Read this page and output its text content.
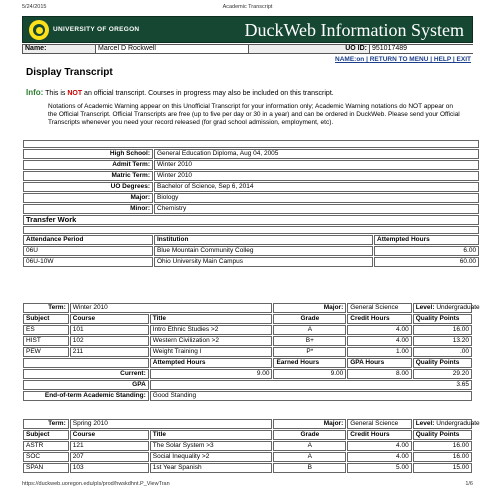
5/24/2015	Academic Transcript
UNIVERSITY OF OREGON	DuckWeb Information System
Name:	Marcel D Rockwell	UO ID: 951017489
NAME:on | RETURN TO MENU | HELP | EXIT
Display Transcript
Info: This is NOT an official transcript. Courses in progress may also be included on this transcript.
Notations of Academic Warning appear on this Unofficial Transcript for your information only; Academic Warning notations do NOT appear on the Official Transcript. Official Transcripts are free (up to five per day or 30 in a year) and can be ordered in DuckWeb. Please send your Official Transcripts whenever you need your record released (for grad school admission, employment, etc).

High School:	General Education Diploma, Aug 04, 2005	
Admit Term:	Winter 2010	
Matric Term:	Winter 2010	
UO Degrees:	Bachelor of Science, Sep 6, 2014	
Major:	Biology	
Minor:	Chemistry	
Transfer Work		

Attendance Period	Institution	Attempted Hours
06U	Blue Mountain Community Colleg	6.00
06U-10W	Ohio University Main Campus	60.00
Term:	Winter 2010		Major:	General Science	Level: Undergraduate
Subject	Course	Title	Grade	Credit Hours	Quality Points
ES	101	Intro Ethnic Studies >2	A	4.00	16.00
HIST	102	Western Civilization >2	B+	4.00	13.20
PEW	211	Weight Training I	P*	1.00	.00
		Attempted Hours	Earned Hours	GPA Hours	Quality Points
Current:		9.00	9.00	8.00	29.20
GPA		3.65			
End-of-term Academic Standing:		Good Standing			
Term:	Spring 2010		Major:	General Science	Level: Undergraduate
Subject	Course	Title	Grade	Credit Hours	Quality Points
ASTR	121	The Solar System >3	A	4.00	16.00
SOC	207	Social Inequality >2	A	4.00	16.00
SPAN	103	1st Year Spanish	B	5.00	15.00
https://duckweb.uoregon.edu/pls/prod/hwskdhnt.P_ViewTran	1/6
